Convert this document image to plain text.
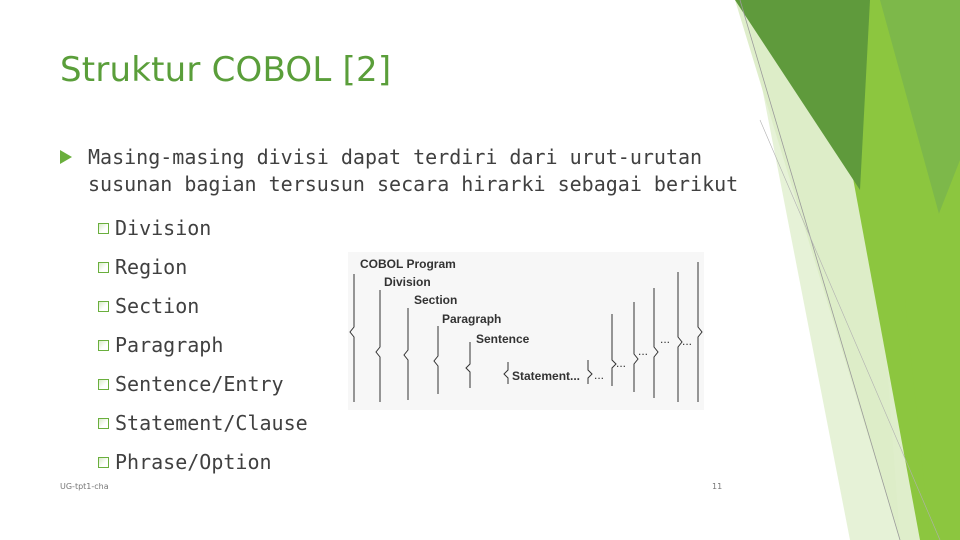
Struktur COBOL [2]
Masing-masing divisi dapat terdiri dari urut-urutan susunan bagian tersusun secara hirarki sebagai berikut
Division
Region
Section
Paragraph
Sentence/Entry
Statement/Clause
Phrase/Option
COBOL Program
Division
Section
Paragraph
Sentence
Statement... ...
...
...
... ...
UG-tpt1-cha	11
